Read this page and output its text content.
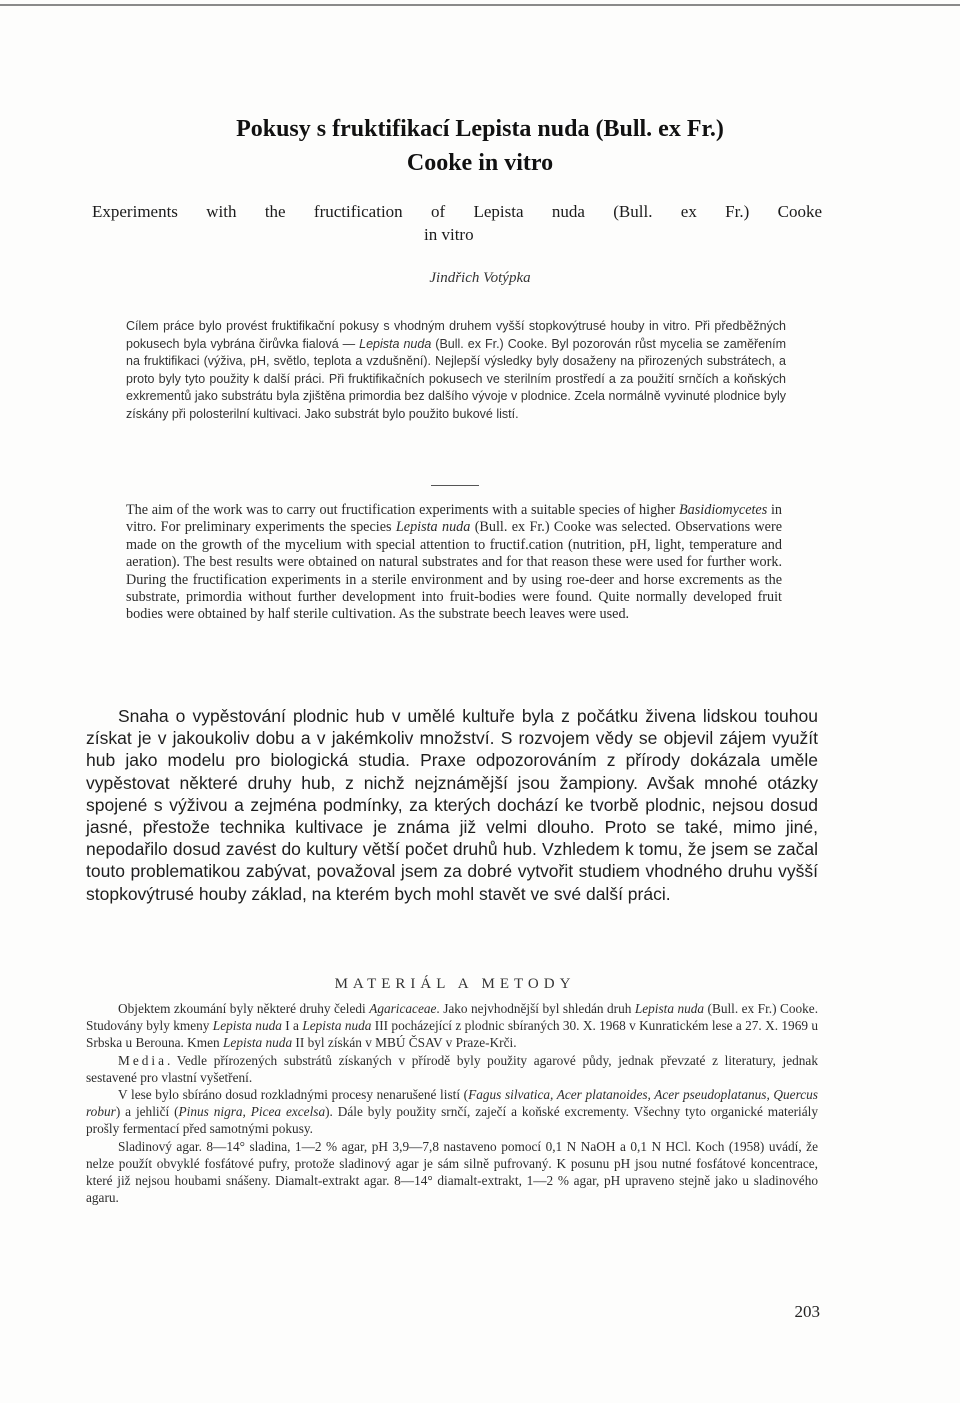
Pokusy s fruktifikací Lepista nuda (Bull. ex Fr.)
Cooke in vitro
Experiments with the fructification of Lepista nuda (Bull. ex Fr.) Cooke
in vitro
Jindřich Votýpka
Cílem práce bylo provést fruktifikační pokusy s vhodným druhem vyšší stopkovýtrusé houby in vitro. Při předběžných pokusech byla vybrána čirůvka fialová — Lepista nuda (Bull. ex Fr.) Cooke. Byl pozorován růst mycelia se zaměřením na fruktifikaci (výživa, pH, světlo, teplota a vzdušnění). Nejlepší výsledky byly dosaženy na přirozených substrátech, a proto byly tyto použity k další práci. Při fruktifikačních pokusech ve sterilním prostředí a za použití srnčích a koňských exkrementů jako substrátu byla zjištěna primordia bez dalšího vývoje v plodnice. Zcela normálně vyvinuté plodnice byly získány při polosterilní kultivaci. Jako substrát bylo použito bukové listí.
The aim of the work was to carry out fructification experiments with a suitable species of higher Basidiomycetes in vitro. For preliminary experiments the species Lepista nuda (Bull. ex Fr.) Cooke was selected. Observations were made on the growth of the mycelium with special attention to fructif.cation (nutrition, pH, light, temperature and aeration). The best results were obtained on natural substrates and for that reason these were used for further work. During the fructification experiments in a sterile environment and by using roe-deer and horse excrements as the substrate, primordia without further development into fruit-bodies were found. Quite normally developed fruit bodies were obtained by half sterile cultivation. As the substrate beech leaves were used.
Snaha o vypěstování plodnic hub v umělé kultuře byla z počátku živena lidskou touhou získat je v jakoukoliv dobu a v jakémkoliv množství. S rozvojem vědy se objevil zájem využít hub jako modelu pro biologická studia. Praxe odpozorováním z přírody dokázala uměle vypěstovat některé druhy hub, z nichž nejznámější jsou žampiony. Avšak mnohé otázky spojené s výživou a zejména podmínky, za kterých dochází ke tvorbě plodnic, nejsou dosud jasné, přestože technika kultivace je známa již velmi dlouho. Proto se také, mimo jiné, nepodařilo dosud zavést do kultury větší počet druhů hub. Vzhledem k tomu, že jsem se začal touto problematikou zabývat, považoval jsem za dobré vytvořit studiem vhodného druhu vyšší stopkovýtrusé houby základ, na kterém bych mohl stavět ve své další práci.
MATERIÁL A METODY

Objektem zkoumání byly některé druhy čeledi Agaricaceae. Jako nejvhodnější byl shledán druh Lepista nuda (Bull. ex Fr.) Cooke. Studovány byly kmeny Lepista nuda I a Lepista nuda III pocházející z plodnic sbíraných 30. X. 1968 v Kunratickém lese a 27. X. 1969 u Srbska u Berouna. Kmen Lepista nuda II byl získán v MBÚ ČSAV v Praze-Krči.

Media. Vedle přírozených substrátů získaných v přírodě byly použity agarové půdy, jednak převzaté z literatury, jednak sestavené pro vlastní vyšetření.

V lese bylo sbíráno dosud rozkladnými procesy nenarušené listí (Fagus silvatica, Acer platanoides, Acer pseudoplatanus, Quercus robur) a jehličí (Pinus nigra, Picea excelsa). Dále byly použity srnčí, zaječí a koňské excrementy. Všechny tyto organické materiály prošly fermentací před samotnými pokusy.

Sladinový agar. 8—14° sladina, 1—2 % agar, pH 3,9—7,8 nastaveno pomocí 0,1 N NaOH a 0,1 N HCl. Koch (1958) uvádí, že nelze použít obvyklé fosfátové pufry, protože sladinový agar je sám silně pufrovaný. K posunu pH jsou nutné fosfátové koncentrace, které již nejsou houbami snášeny. Diamalt-extrakt agar. 8—14° diamalt-extrakt, 1—2 % agar, pH upraveno stejně jako u sladinového agaru.

203
